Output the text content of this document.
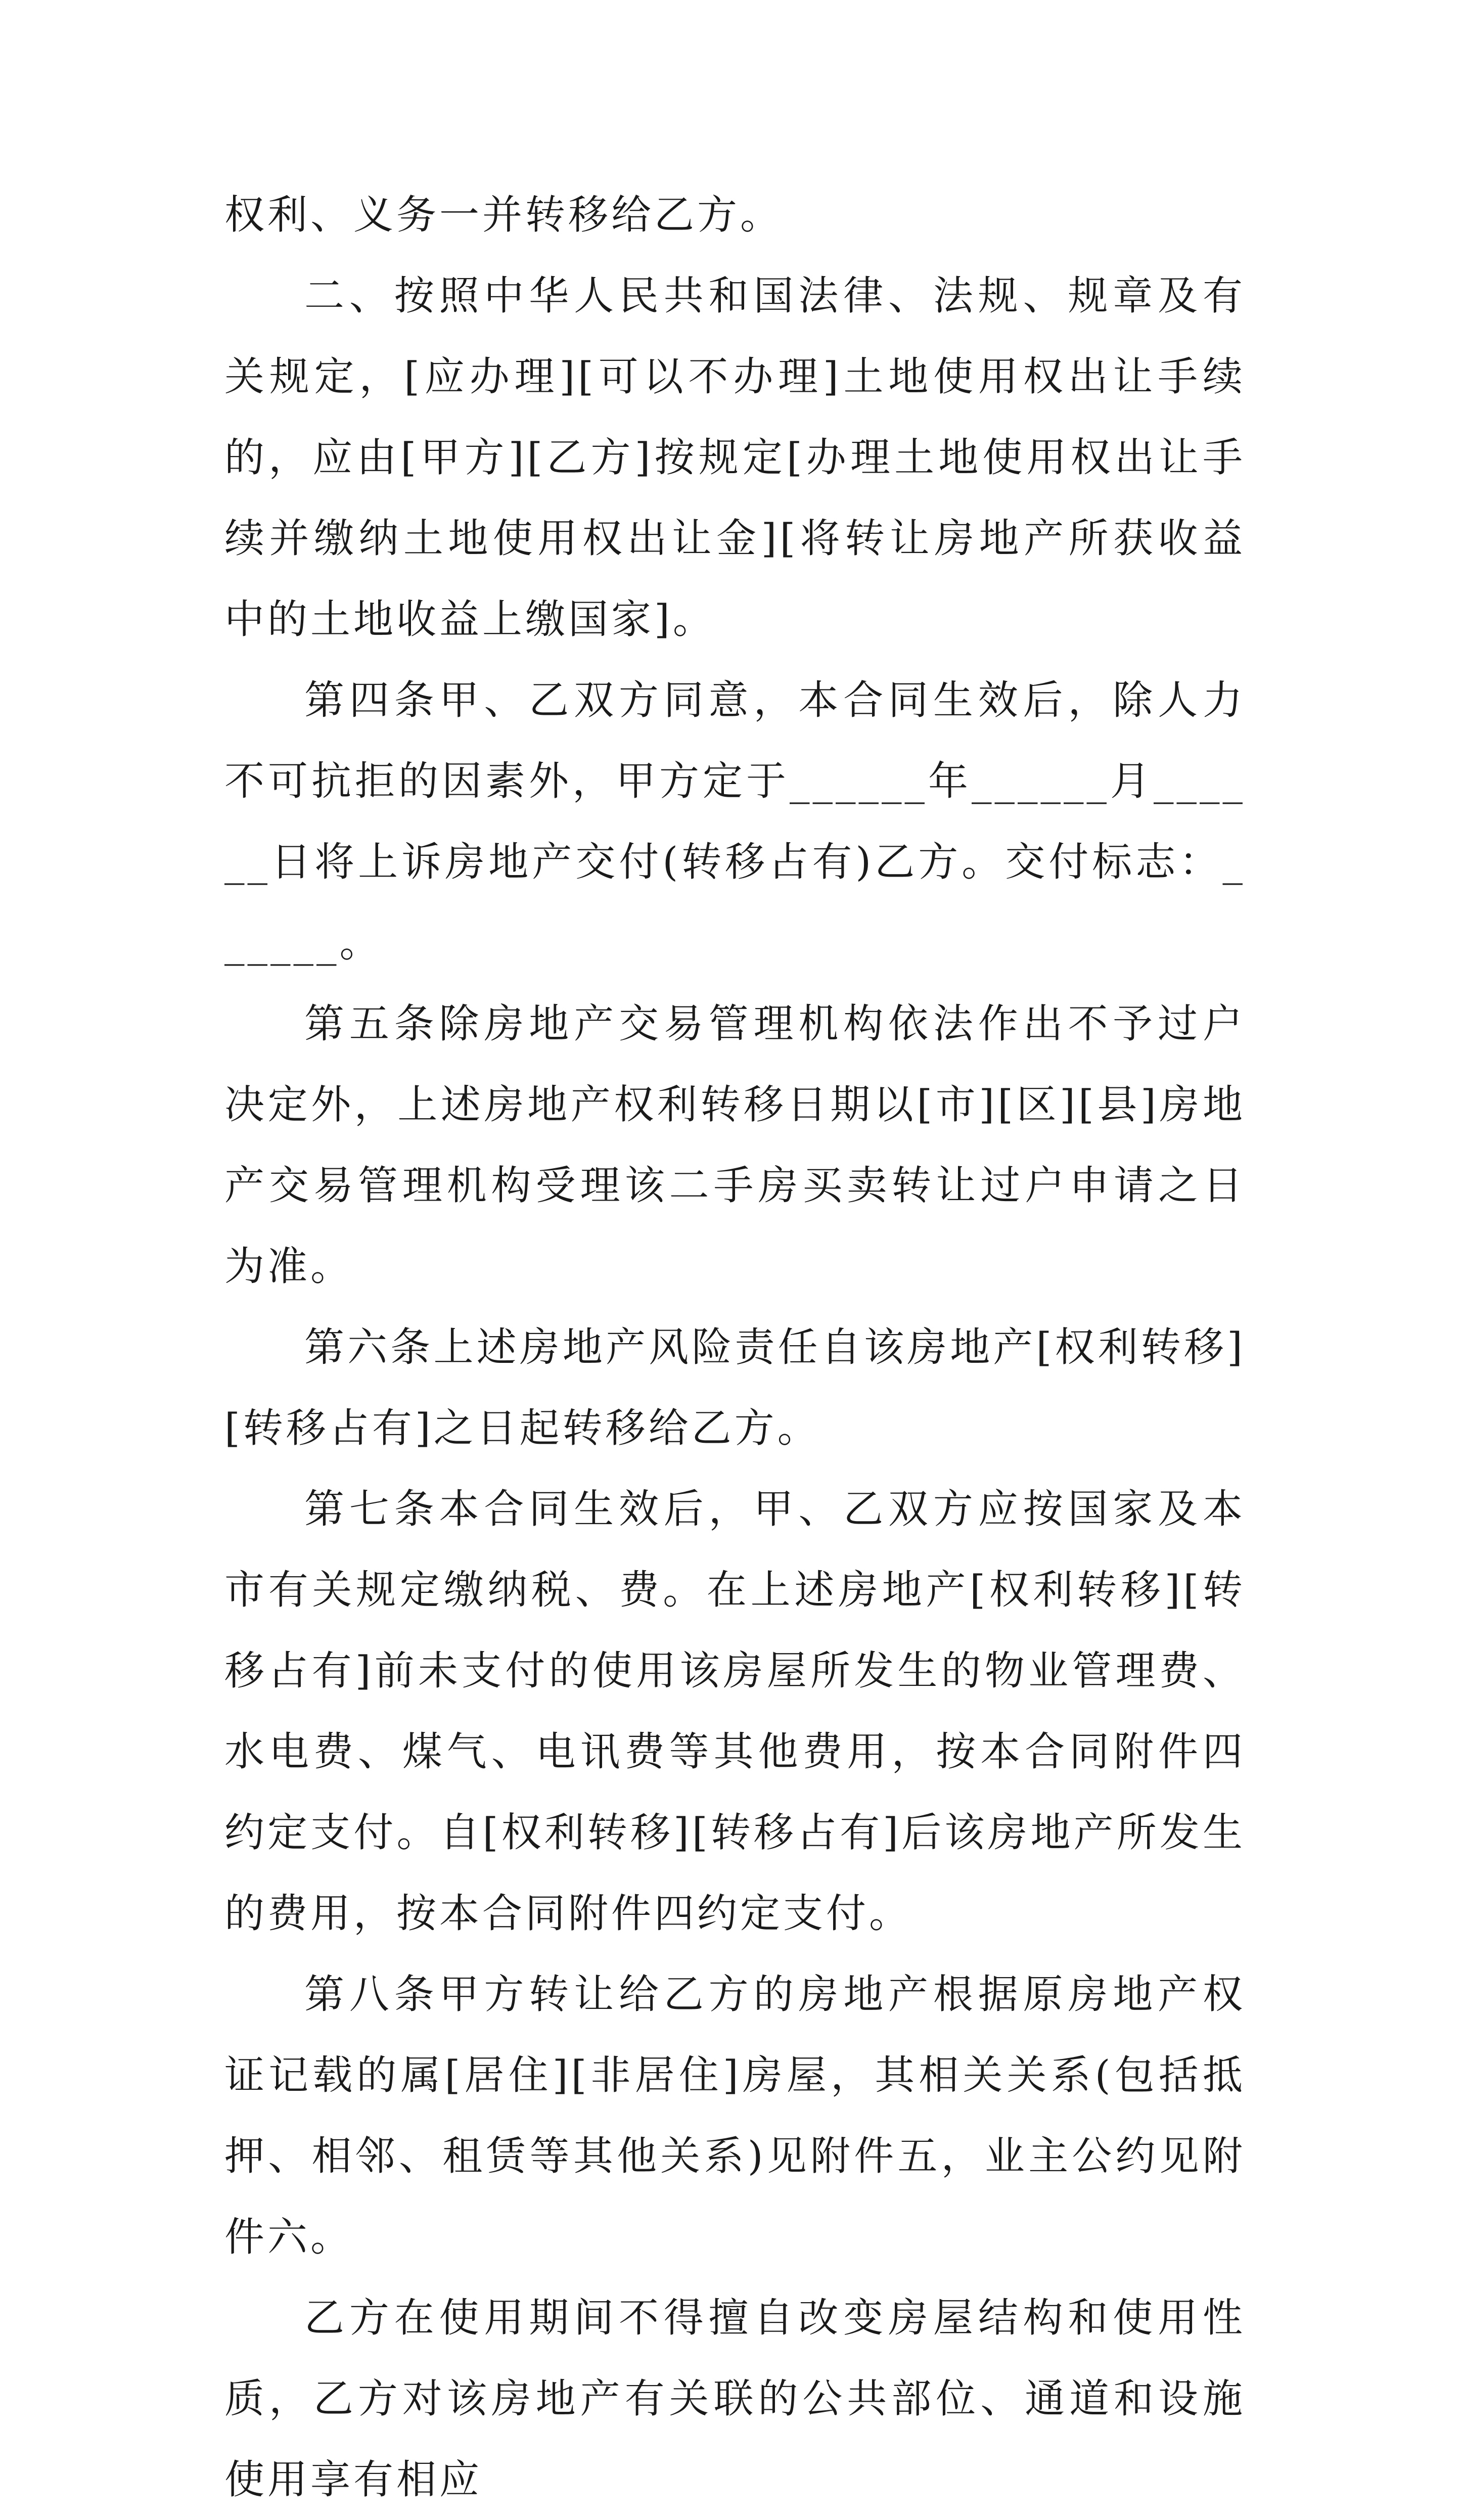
权利、义务一并转移给乙方。

二、按照中华人民共和国法律、法规、规章及有关规定，[应办理][可以不办理]土地使用权出让手续的，应由[甲方][乙方]按规定[办理土地使用权出让手续并缴纳土地使用权出让金][将转让房地产所获收益中的土地收益上缴国家]。

第四条甲、乙双方同意，本合同生效后，除人力不可抗拒的因素外，甲方定于______年______月______日将上诉房地产交付(转移占有)乙方。交付标志：______。

第五条除房地产交易管理机构依法作出不予过户决定外，上述房地产权利转移日期以[市][区][县]房地产交易管理机构受理该二手房买卖转让过户申请之日为准。

第六条上述房地产风险责任自该房地产[权利转移][转移占有]之日起转移给乙方。

第七条本合同生效后，甲、乙双方应按国家及本市有关规定缴纳税、费。在上述房地产[权利转移][转移占有]前未支付的使用该房屋所发生的物业管理费、水电费、煤气、电讯费等其他费用，按本合同附件四约定支付。自[权利转移][转移占有]后该房地产所发生的费用，按本合同附件四约定支付。

第八条甲方转让给乙方的房地产根据原房地产权证记载的属[居住][非居住]房屋，其相关关系(包括抵押、相邻、租赁等其他关系)见附件五，业主公约见附件六。

乙方在使用期间不得擅自改变房屋结构和使用性质，乙方对该房地产有关联的公共部位、通道和设施使用享有相应
